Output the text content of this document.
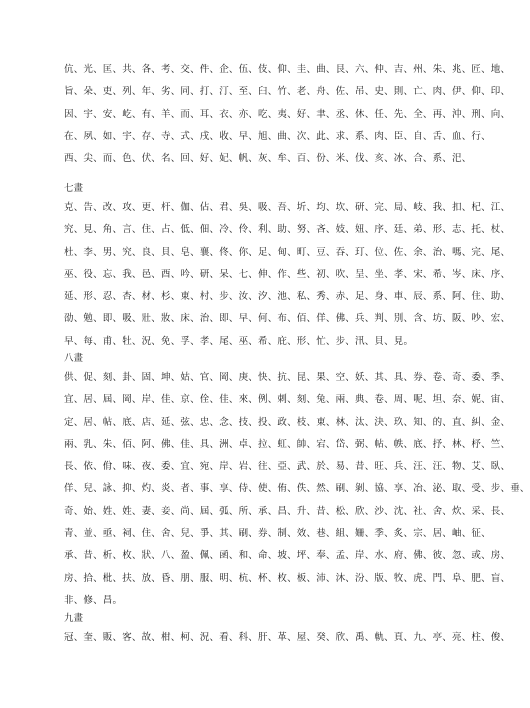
伉、光、匡、共、各、考、交、件、企、伍、伎、仰、圭、曲、艮、六、仲、吉、州、朱、兆、匠、地、
旨、朵、吏、列、年、劣、同、打、汀、至、臼、竹、老、舟、佐、吊、史、則、亡、肉、伊、仰、印、
因、宇、安、屹、有、羊、而、耳、衣、亦、吃、夷、好、聿、丞、休、任、先、全、再、沖、刑、向、
在、夙、如、宇、存、寺、式、戌、收、早、旭、曲、次、此、求、系、肉、臣、自、舌、血、行、
西、尖、而、色、伏、名、回、好、妃、帆、灰、牟、百、份、米、伐、亥、冰、合、系、汜、
七畫
克、告、改、攻、更、杆、伽、佔、君、吳、吸、吾、圻、均、坎、研、完、局、岐、我、扣、杞、江、
究、見、角、言、住、占、低、佃、冷、伶、利、助、努、吝、妓、妞、序、廷、弟、形、志、托、杖、
杜、李、男、究、良、貝、皂、襄、佟、你、足、甸、町、豆、吞、玎、位、佐、余、治、嗎、完、尾、
巫、役、忘、我、邑、酉、吟、研、呆、七、伸、作、些、初、吹、呈、坐、孝、宋、希、岑、床、序、
延、形、忍、杏、材、杉、東、村、步、汝、汐、池、私、秀、赤、足、身、車、辰、系、阿、住、助、
劭、勉、即、吸、壯、妝、床、治、即、早、何、布、佰、佯、佛、兵、判、別、含、坊、阪、吵、宏、
早、每、甫、牡、況、免、孚、孝、尾、巫、希、庇、形、忙、步、汛、貝、見。
八畫
供、促、刻、卦、固、坤、姑、官、岡、庚、快、抗、昆、果、空、妖、其、具、券、卷、奇、委、季、
宜、居、屆、岡、岸、佳、京、佺、佳、來、例、刺、刻、兔、兩、典、卷、周、呢、坦、奈、妮、宙、
定、居、帖、底、店、延、弦、忠、念、技、投、政、枝、東、林、汰、決、玖、知、的、直、糾、金、
兩、乳、朱、佰、阿、佛、佳、具、洲、卓、拉、虹、帥、宕、岱、弼、帖、帙、底、抒、林、杼、竺、
長、依、佾、味、夜、委、宜、宛、岸、岩、往、亞、武、於、易、昔、旺、兵、汪、汪、物、艾、臥、
佯、兒、詠、抑、灼、炎、者、事、享、侍、使、侑、佚、然、刷、剝、協、享、冶、泌、取、受、步、垂、
奇、始、姓、姓、妻、妾、尚、屆、弧、所、承、昌、升、昔、松、欣、沙、沈、社、舍、炊、采、長、
青、並、亟、祠、住、舍、兒、爭、其、刷、券、制、效、巷、組、姍、季、炙、宗、居、岫、征、
承、昔、析、枚、狀、八、盈、佩、函、和、命、坡、坪、奉、孟、岸、水、府、佛、彼、忽、或、房、
房、拾、枇、扶、放、昏、朋、服、明、杭、杯、枚、板、沛、沐、汾、版、牧、虎、門、阜、肥、盲、
非、修、昌。
九畫
冠、奎、販、客、故、柑、柯、況、看、科、肝、革、屋、癸、欣、禹、軌、頁、九、亭、亮、柱、俊、
